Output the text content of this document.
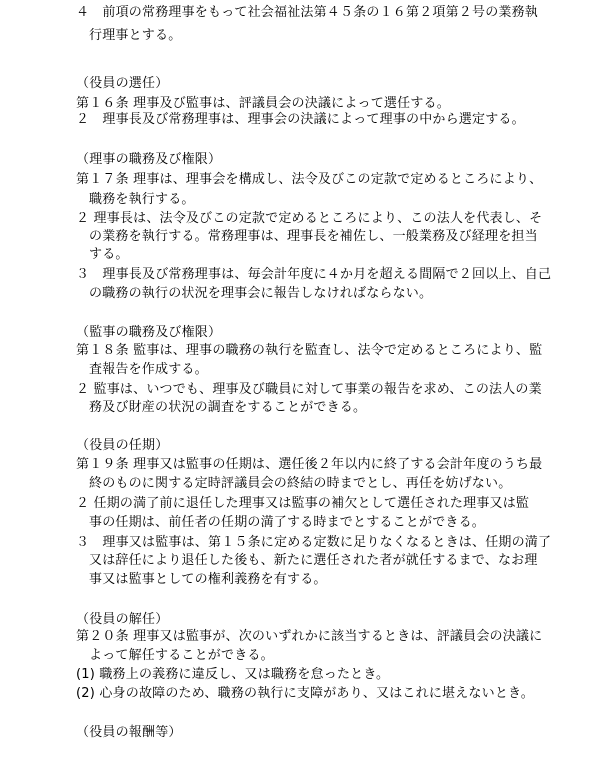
４　前項の常務理事をもって社会福祉法第４５条の１６第２項第２号の業務執
行理事とする。
（役員の選任）
第１６条 理事及び監事は、評議員会の決議によって選任する。
２　理事長及び常務理事は、理事会の決議によって理事の中から選定する。
（理事の職務及び権限）
第１７条 理事は、理事会を構成し、法令及びこの定款で定めるところにより、
職務を執行する。
２ 理事長は、法令及びこの定款で定めるところにより、この法人を代表し、そ
の業務を執行する。常務理事は、理事長を補佐し、一般業務及び経理を担当
する。
３　理事長及び常務理事は、毎会計年度に４か月を超える間隔で２回以上、自己
の職務の執行の状況を理事会に報告しなければならない。
（監事の職務及び権限）
第１８条 監事は、理事の職務の執行を監査し、法令で定めるところにより、監
査報告を作成する。
２ 監事は、いつでも、理事及び職員に対して事業の報告を求め、この法人の業
務及び財産の状況の調査をすることができる。
（役員の任期）
第１９条 理事又は監事の任期は、選任後２年以内に終了する会計年度のうち最
終のものに関する定時評議員会の終結の時までとし、再任を妨げない。
２ 任期の満了前に退任した理事又は監事の補欠として選任された理事又は監
事の任期は、前任者の任期の満了する時までとすることができる。
３　理事又は監事は、第１５条に定める定数に足りなくなるときは、任期の満了
又は辞任により退任した後も、新たに選任された者が就任するまで、なお理
事又は監事としての権利義務を有する。
（役員の解任）
第２０条 理事又は監事が、次のいずれかに該当するときは、評議員会の決議に
よって解任することができる。
(1) 職務上の義務に違反し、又は職務を怠ったとき。
(2) 心身の故障のため、職務の執行に支障があり、又はこれに堪えないとき。
（役員の報酬等）
